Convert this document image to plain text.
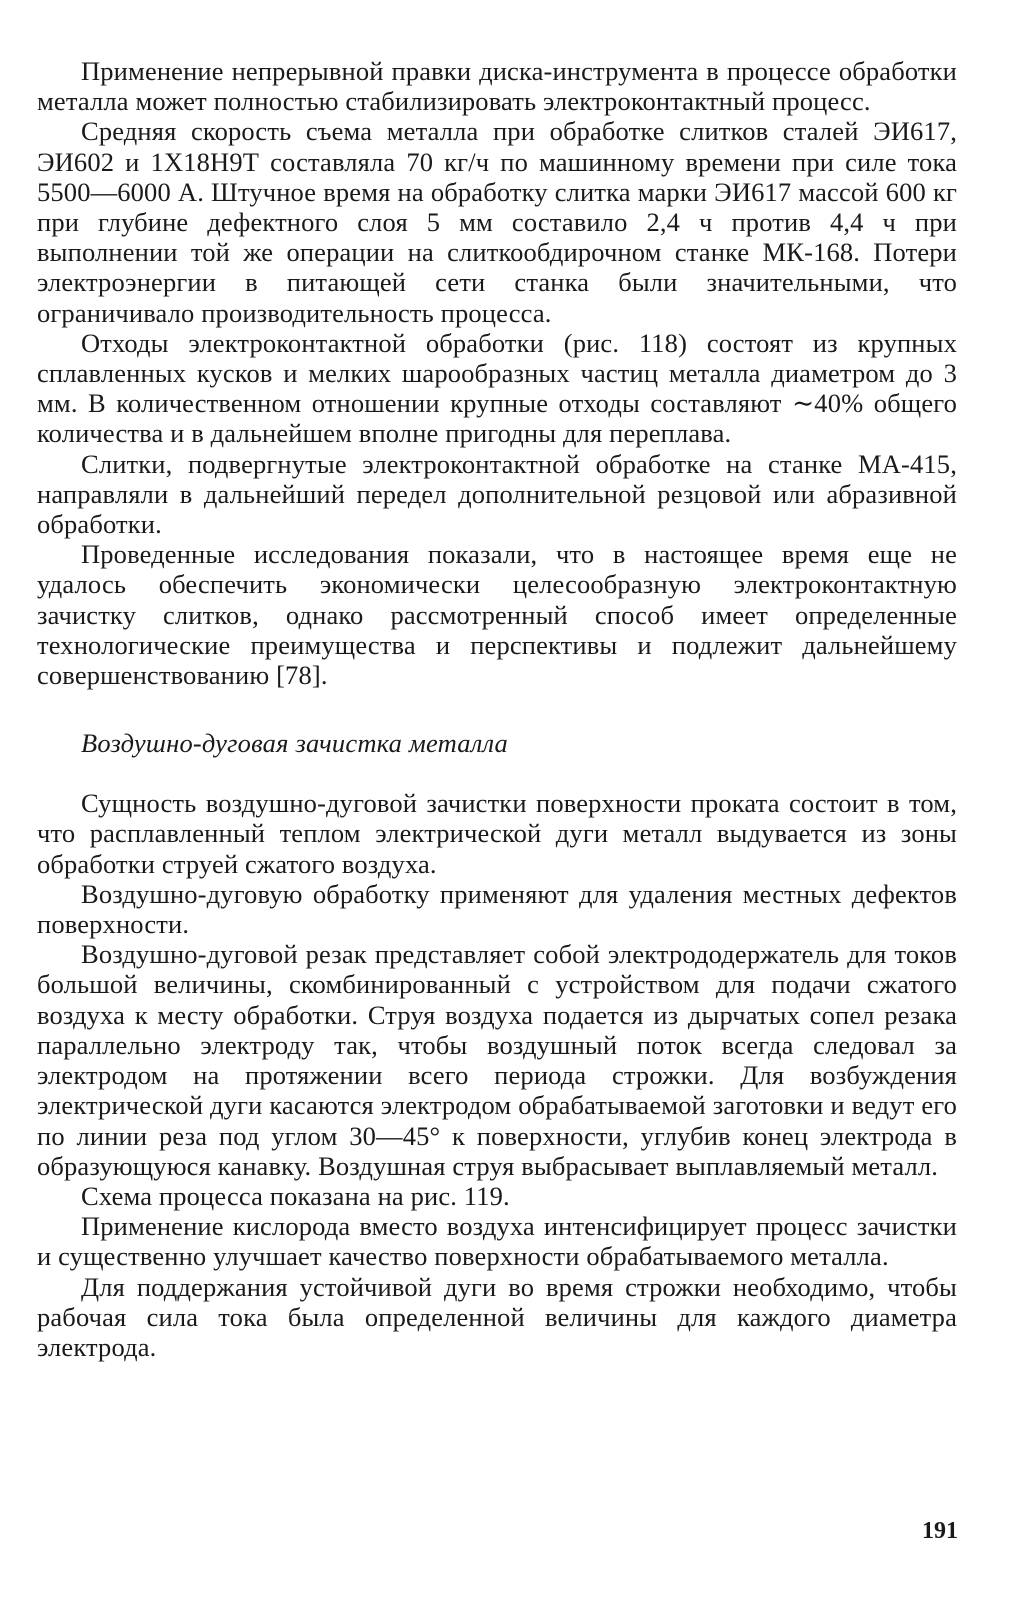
Применение непрерывной правки диска-инструмента в процессе обработки металла может полностью стабилизировать электроконтактный процесс.

Средняя скорость съема металла при обработке слитков сталей ЭИ617, ЭИ602 и 1Х18Н9Т составляла 70 кг/ч по машинному времени при силе тока 5500—6000 А. Штучное время на обработку слитка марки ЭИ617 массой 600 кг при глубине дефектного слоя 5 мм составило 2,4 ч против 4,4 ч при выполнении той же операции на слиткообдирочном станке МК-168. Потери электроэнергии в питающей сети станка были значительными, что ограничивало производительность процесса.

Отходы электроконтактной обработки (рис. 118) состоят из крупных сплавленных кусков и мелких шарообразных частиц металла диаметром до 3 мм. В количественном отношении крупные отходы составляют ∼40% общего количества и в дальнейшем вполне пригодны для переплава.

Слитки, подвергнутые электроконтактной обработке на станке МА-415, направляли в дальнейший передел дополнительной резцовой или абразивной обработки.

Проведенные исследования показали, что в настоящее время еще не удалось обеспечить экономически целесообразную электроконтактную зачистку слитков, однако рассмотренный способ имеет определенные технологические преимущества и перспективы и подлежит дальнейшему совершенствованию [78].

Воздушно-дуговая зачистка металла

Сущность воздушно-дуговой зачистки поверхности проката состоит в том, что расплавленный теплом электрической дуги металл выдувается из зоны обработки струей сжатого воздуха.

Воздушно-дуговую обработку применяют для удаления местных дефектов поверхности.

Воздушно-дуговой резак представляет собой электрододержатель для токов большой величины, скомбинированный с устройством для подачи сжатого воздуха к месту обработки. Струя воздуха подается из дырчатых сопел резака параллельно электроду так, чтобы воздушный поток всегда следовал за электродом на протяжении всего периода строжки. Для возбуждения электрической дуги касаются электродом обрабатываемой заготовки и ведут его по линии реза под углом 30—45° к поверхности, углубив конец электрода в образующуюся канавку. Воздушная струя выбрасывает выплавляемый металл.

Схема процесса показана на рис. 119.

Применение кислорода вместо воздуха интенсифицирует процесс зачистки и существенно улучшает качество поверхности обрабатываемого металла.

Для поддержания устойчивой дуги во время строжки необходимо, чтобы рабочая сила тока была определенной величины для каждого диаметра электрода.

191
